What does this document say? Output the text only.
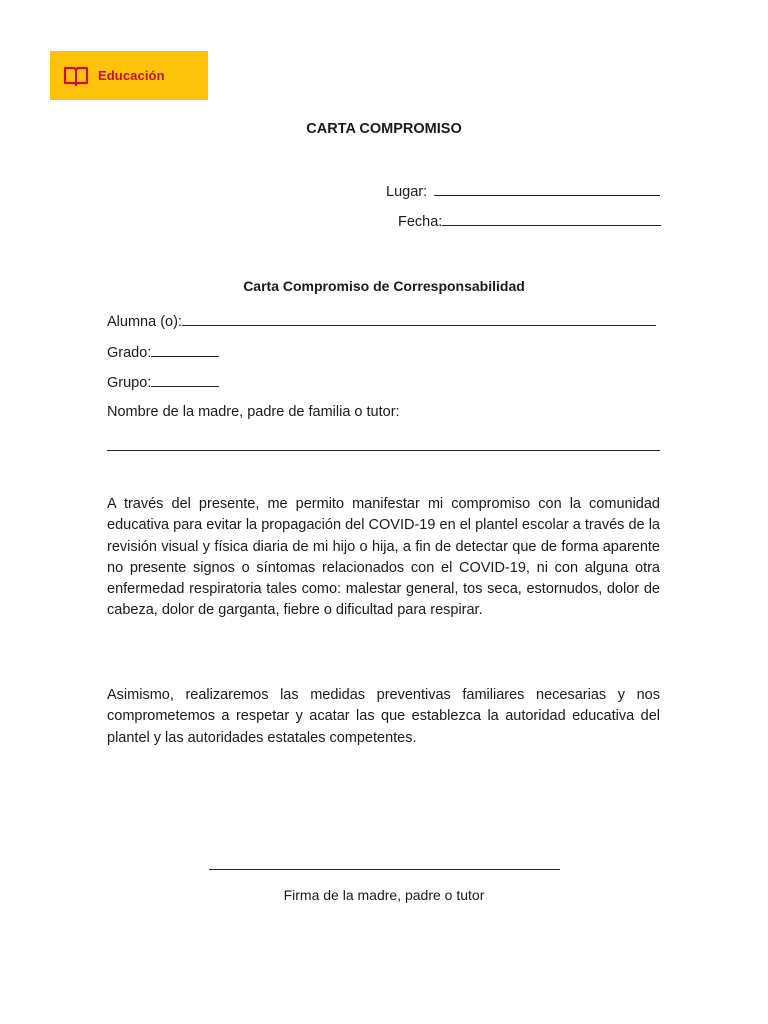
Educación
CARTA COMPROMISO
Lugar:
Fecha:
Carta Compromiso de Corresponsabilidad
Alumna (o):
Grado:
Grupo:
Nombre de la madre, padre de familia o tutor:
A través del presente, me permito manifestar mi compromiso con la comunidad educativa para evitar la propagación del COVID-19 en el plantel escolar a través de la revisión visual y física diaria de mi hijo o hija, a fin de detectar que de forma aparente no presente signos o síntomas relacionados con el COVID-19, ni con alguna otra enfermedad respiratoria tales como: malestar general, tos seca, estornudos, dolor de cabeza, dolor de garganta, fiebre o dificultad para respirar.
Asimismo, realizaremos las medidas preventivas familiares necesarias y nos comprometemos a respetar y acatar las que establezca la autoridad educativa del plantel y las autoridades estatales competentes.
Firma de la madre, padre o tutor
